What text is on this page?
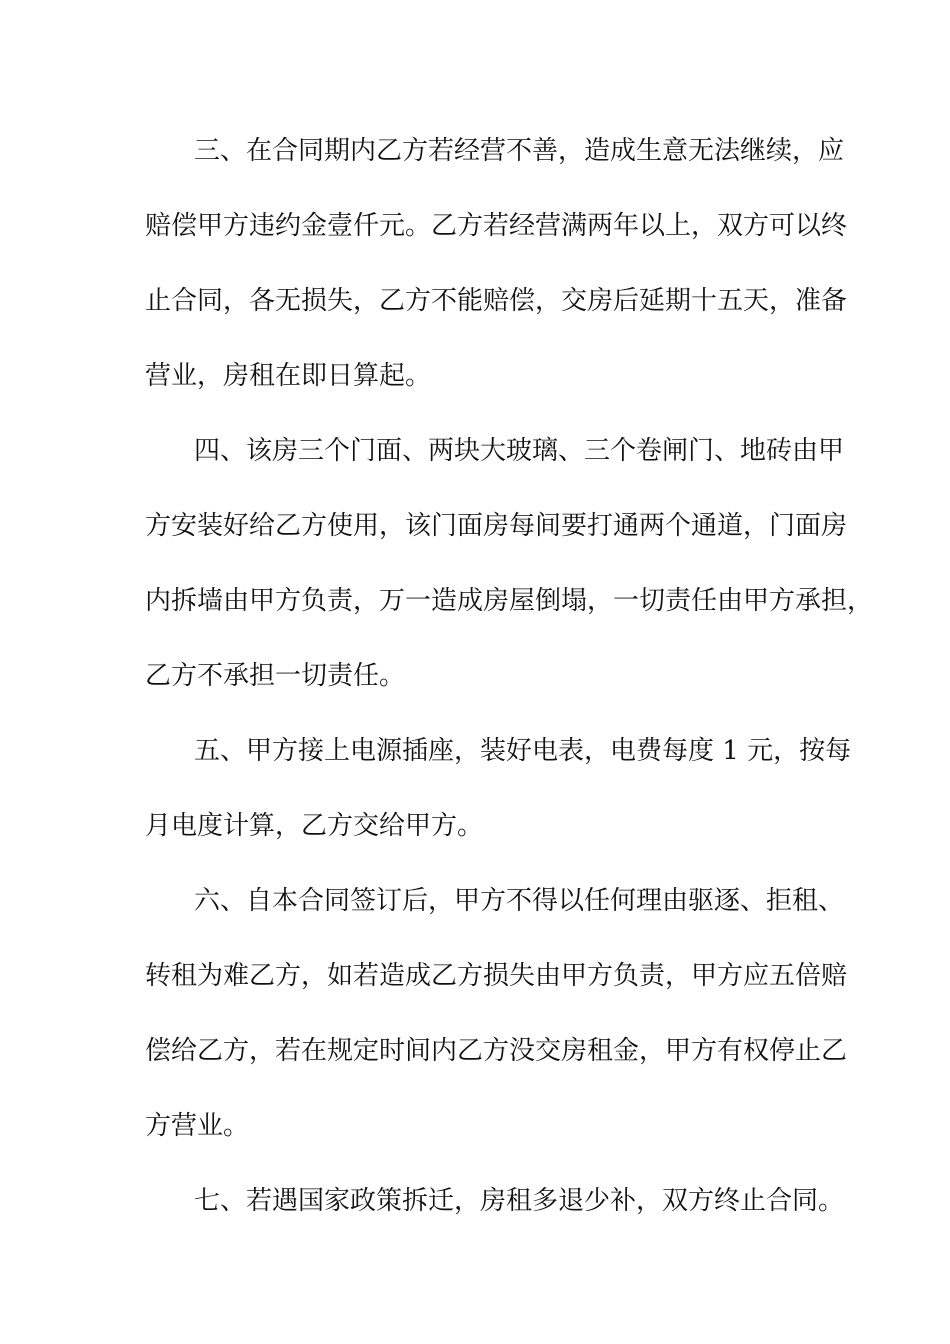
三、在合同期内乙方若经营不善，造成生意无法继续，应
赔偿甲方违约金壹仟元。乙方若经营满两年以上，双方可以终
止合同，各无损失，乙方不能赔偿，交房后延期十五天，准备
营业，房租在即日算起。
四、该房三个门面、两块大玻璃、三个卷闸门、地砖由甲
方安装好给乙方使用，该门面房每间要打通两个通道，门面房
内拆墙由甲方负责，万一造成房屋倒塌，一切责任由甲方承担，
乙方不承担一切责任。
五、甲方接上电源插座，装好电表，电费每度 1 元，按每
月电度计算，乙方交给甲方。
六、自本合同签订后，甲方不得以任何理由驱逐、拒租、
转租为难乙方，如若造成乙方损失由甲方负责，甲方应五倍赔
偿给乙方，若在规定时间内乙方没交房租金，甲方有权停止乙
方营业。
七、若遇国家政策拆迁，房租多退少补，双方终止合同。
